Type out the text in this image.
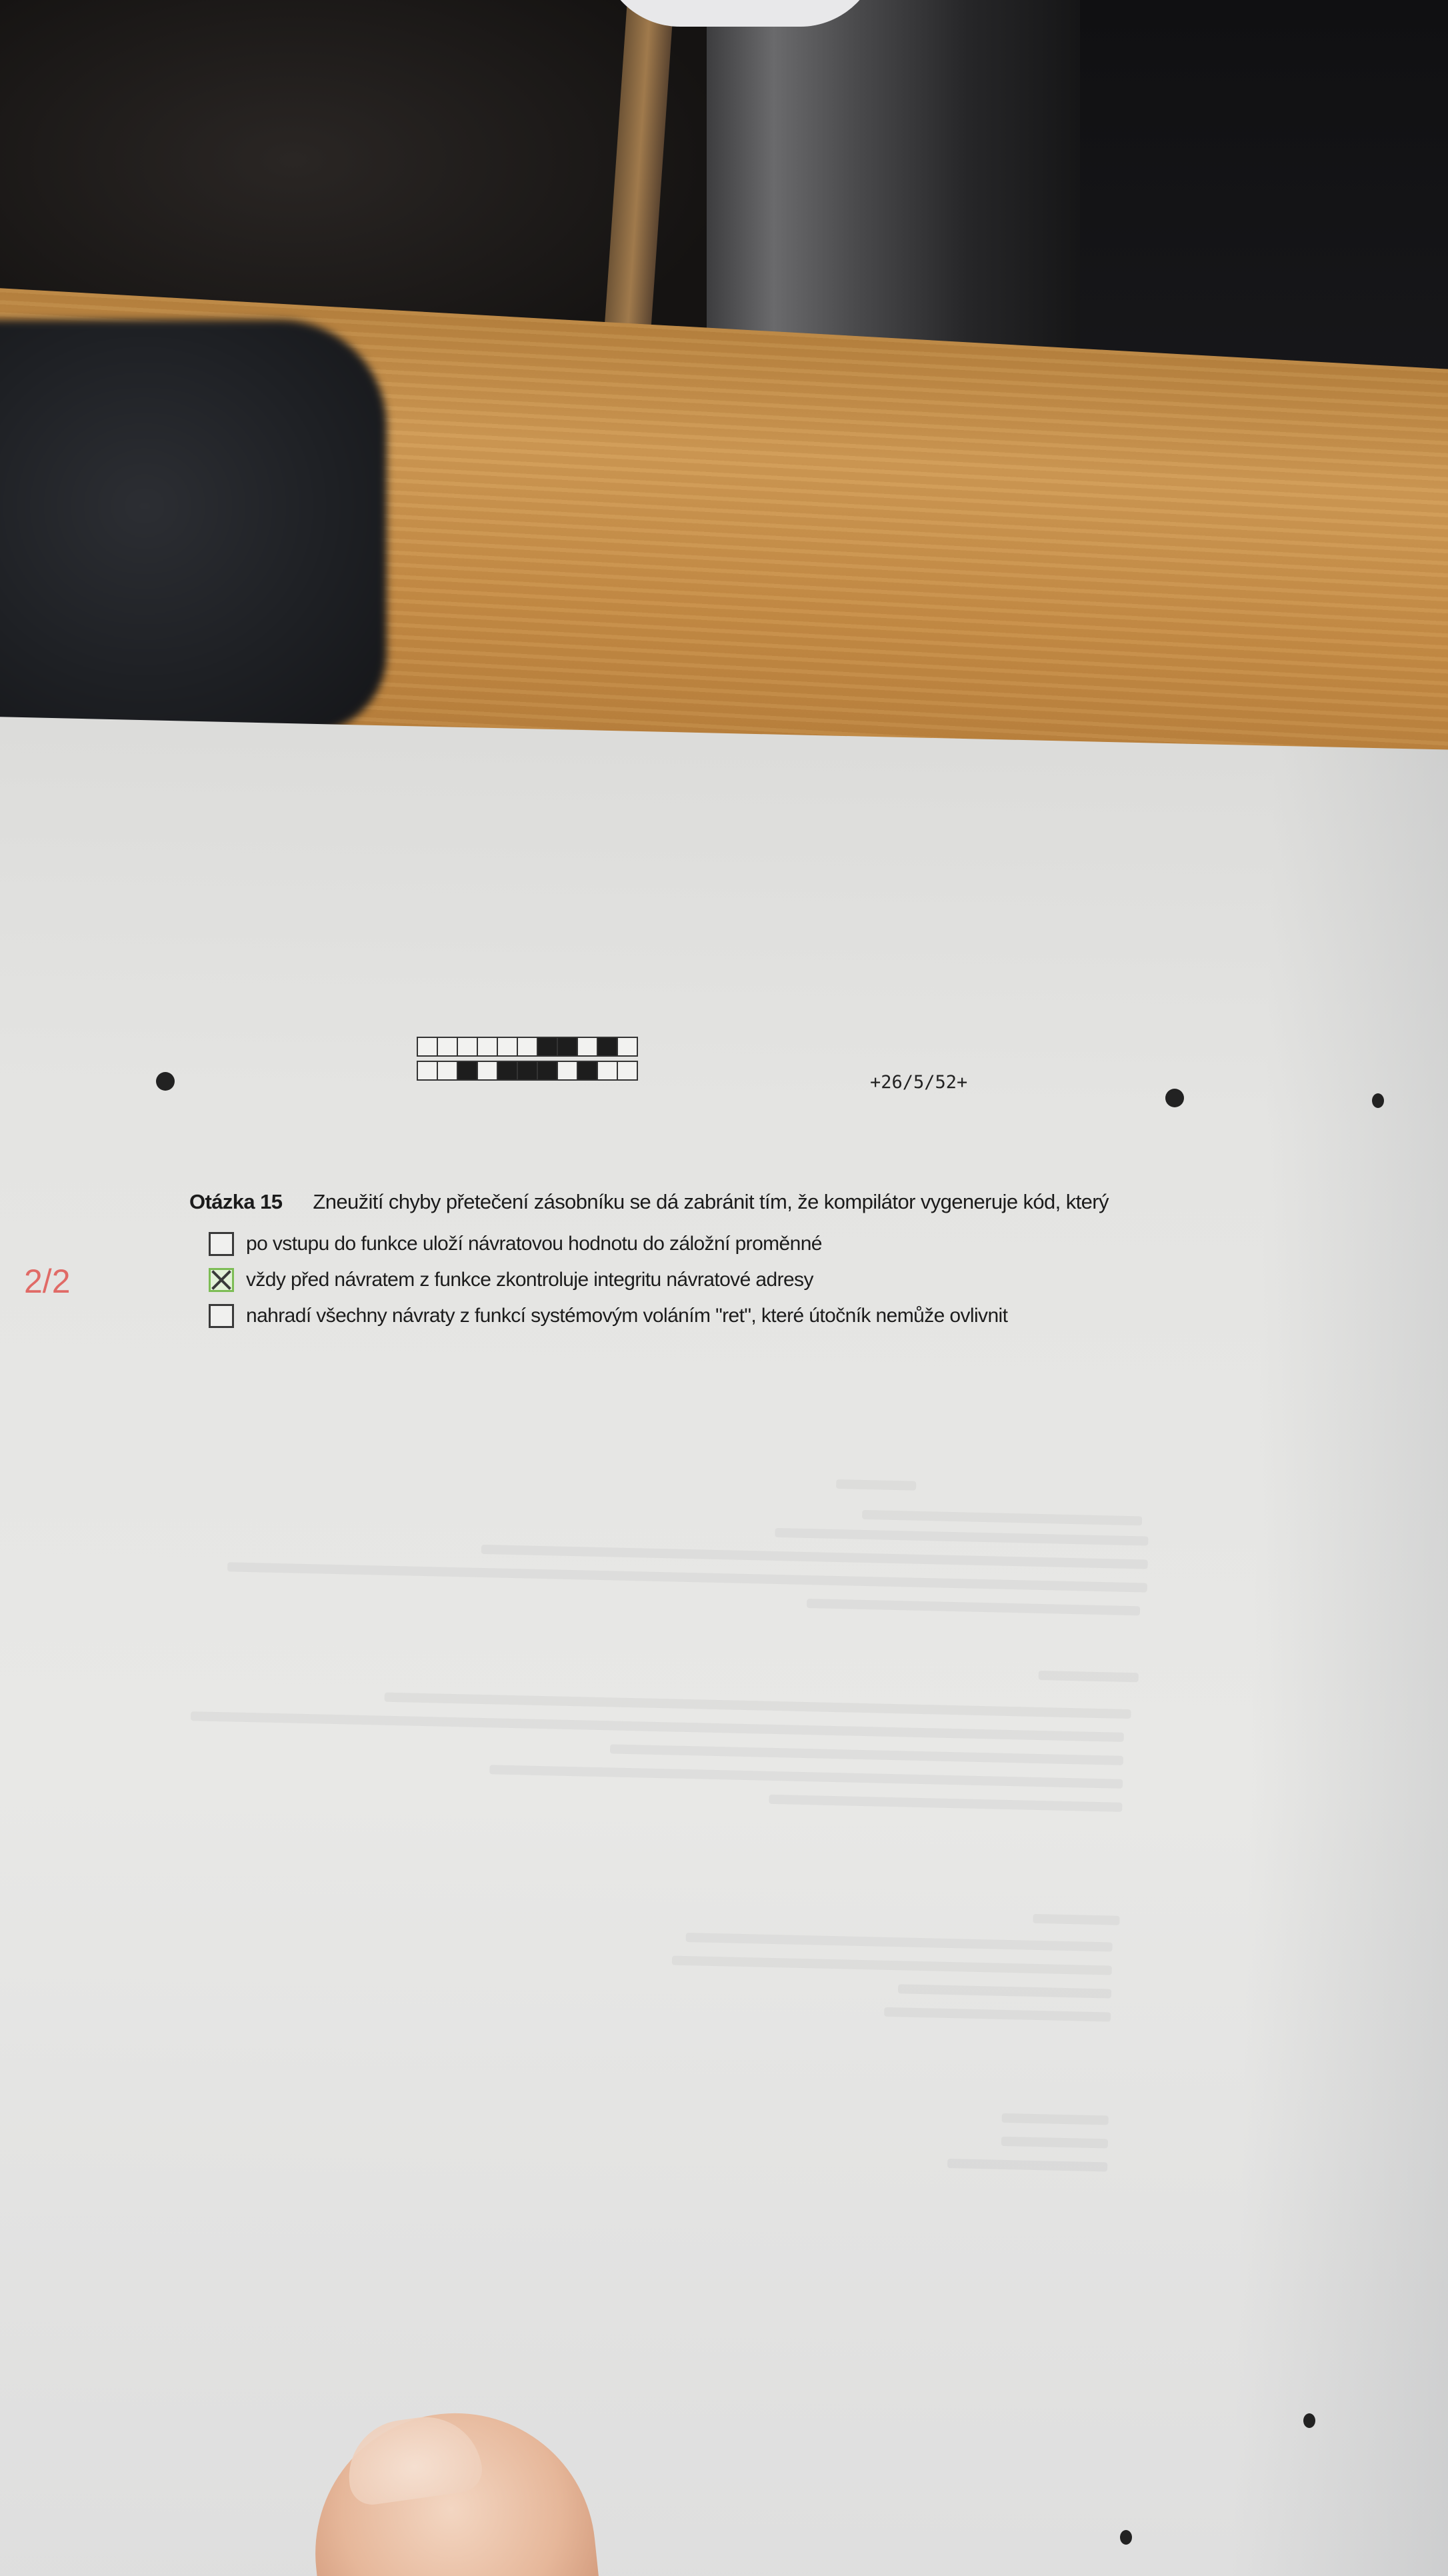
+26/5/52+
Otázka 15 Zneužití chyby přetečení zásobníku se dá zabránit tím, že kompilátor vygeneruje kód, který
po vstupu do funkce uloží návratovou hodnotu do záložní proměnné
vždy před návratem z funkce zkontroluje integritu návratové adresy
nahradí všechny návraty z funkcí systémovým voláním "ret", které útočník nemůže ovlivnit
2/2
